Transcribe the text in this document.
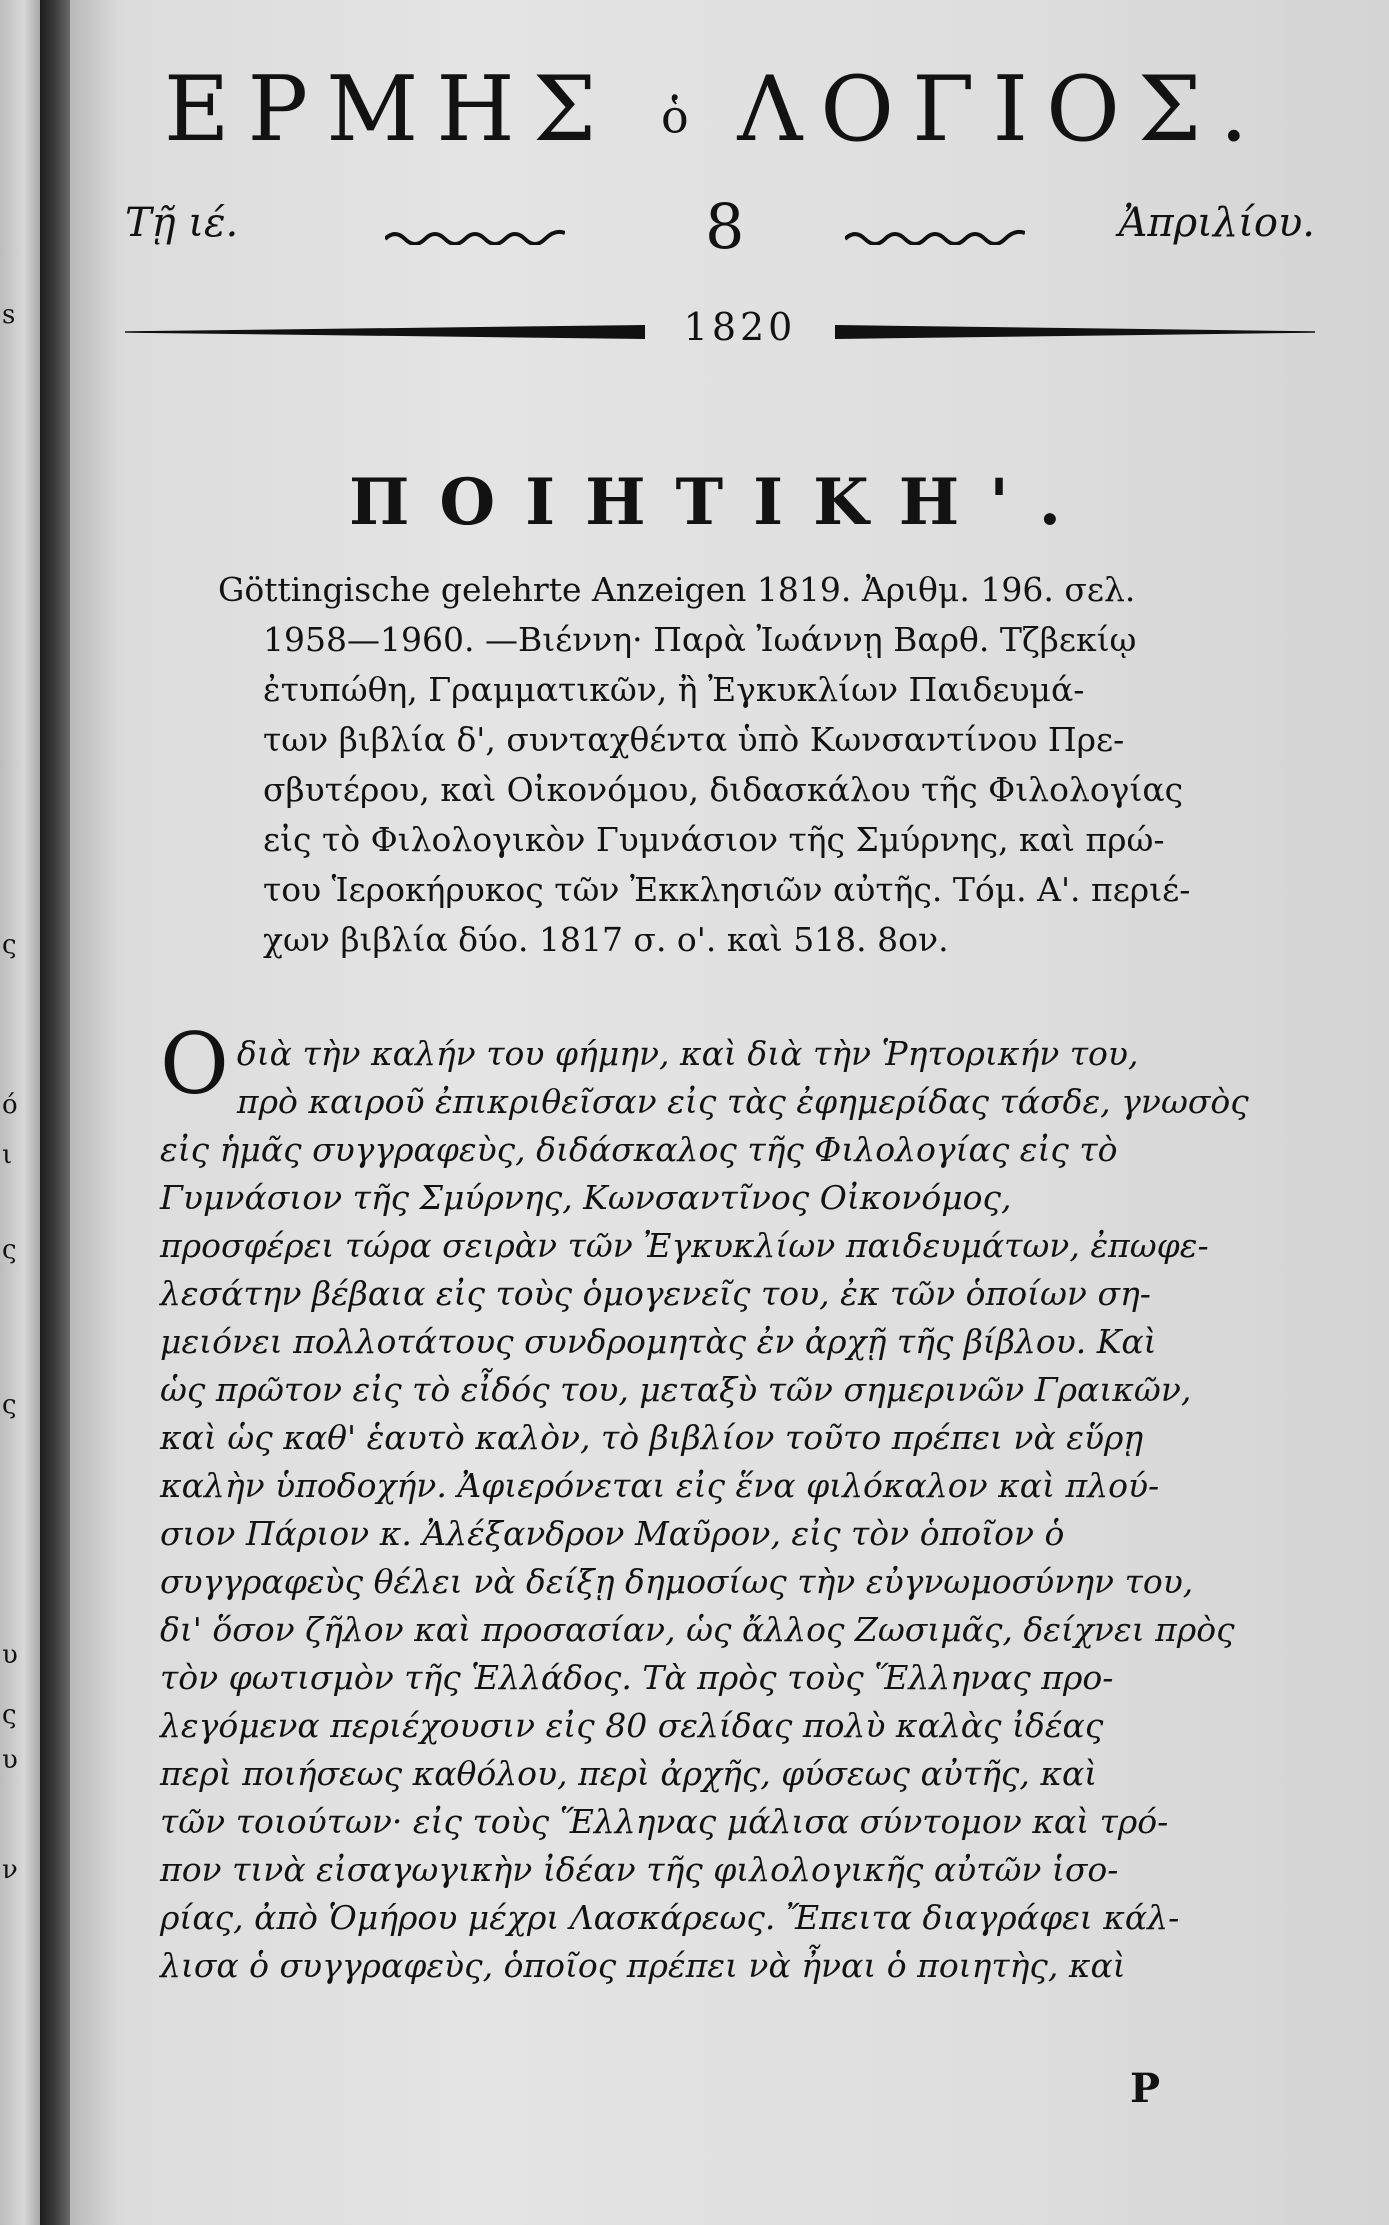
s
ς
ό
ι
ς
ς
υ
ς
υ
ν
ΕΡΜΗΣ ὁ ΛΟΓΙΟΣ.
Τῇ ιέ.	8	Ἀπριλίου.
1820
ΠΟΙΗΤΙΚΗ'.
Göttingische gelehrte Anzeigen 1819. Ἀριθμ. 196. σελ.
1958—1960. —Βιέννη· Παρὰ Ἰωάννῃ Βαρθ. Τζβεκίῳ
ἐτυπώθη, Γραμματικῶν, ἢ Ἐγκυκλίων Παιδευμά-
των βιβλία δ', συνταχθέντα ὑπὸ Κωνσαντίνου Πρε-
σβυτέρου, καὶ Οἰκονόμου, διδασκάλου τῆς Φιλολογίας
εἰς τὸ Φιλολογικὸν Γυμνάσιον τῆς Σμύρνης, καὶ πρώ-
του Ἱεροκήρυκος τῶν Ἐκκλησιῶν αὐτῆς. Τόμ. Α'. περιέ-
χων βιβλία δύο. 1817 σ. ο'. καὶ 518. 8ον.
Ο διὰ τὴν καλήν του φήμην, καὶ διὰ τὴν Ῥητορικήν του,
πρὸ καιροῦ ἐπικριθεῖσαν εἰς τὰς ἐφημερίδας τάσδε, γνωσὸς
εἰς ἡμᾶς συγγραφεὺς, διδάσκαλος τῆς Φιλολογίας εἰς τὸ
Γυμνάσιον τῆς Σμύρνης, Κωνσαντῖνος Οἰκονόμος,
προσφέρει τώρα σειρὰν τῶν Ἐγκυκλίων παιδευμάτων, ἐπωφε-
λεσάτην βέβαια εἰς τοὺς ὁμογενεῖς του, ἐκ τῶν ὁποίων ση-
μειόνει πολλοτάτους συνδρομητὰς ἐν ἀρχῇ τῆς βίβλου. Καὶ
ὡς πρῶτον εἰς τὸ εἶδός του, μεταξὺ τῶν σημερινῶν Γραικῶν,
καὶ ὡς καθ' ἑαυτὸ καλὸν, τὸ βιβλίον τοῦτο πρέπει νὰ εὕρῃ
καλὴν ὑποδοχήν. Ἀφιερόνεται εἰς ἕνα φιλόκαλον καὶ πλού-
σιον Πάριον κ. Ἀλέξανδρον Μαῦρον, εἰς τὸν ὁποῖον ὁ
συγγραφεὺς θέλει νὰ δείξῃ δημοσίως τὴν εὐγνωμοσύνην του,
δι' ὅσον ζῆλον καὶ προσασίαν, ὡς ἄλλος Ζωσιμᾶς, δείχνει πρὸς
τὸν φωτισμὸν τῆς Ἑλλάδος. Τὰ πρὸς τοὺς Ἕλληνας προ-
λεγόμενα περιέχουσιν εἰς 80 σελίδας πολὺ καλὰς ἰδέας
περὶ ποιήσεως καθόλου, περὶ ἀρχῆς, φύσεως αὐτῆς, καὶ
τῶν τοιούτων· εἰς τοὺς Ἕλληνας μάλισα σύντομον καὶ τρό-
πον τινὰ εἰσαγωγικὴν ἰδέαν τῆς φιλολογικῆς αὐτῶν ἱσο-
ρίας, ἀπὸ Ὁμήρου μέχρι Λασκάρεως. Ἔπειτα διαγράφει κάλ-
λισα ὁ συγγραφεὺς, ὁποῖος πρέπει νὰ ἦναι ὁ ποιητὴς, καὶ
P
